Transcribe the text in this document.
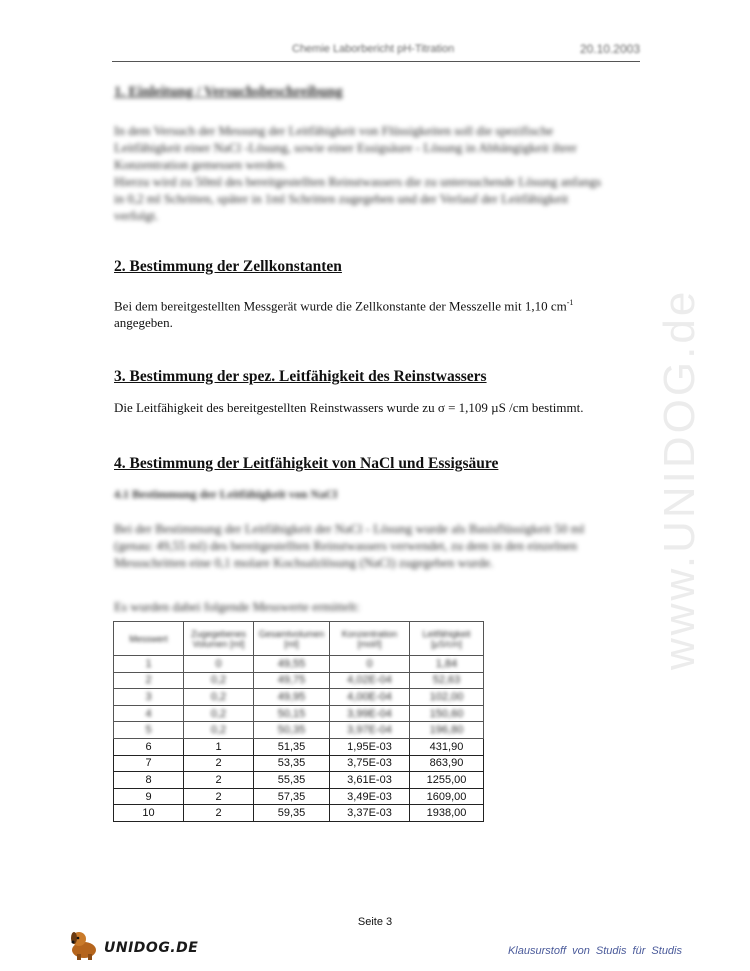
Chemie Laborbericht pH-Titration	20.10.2003
1. Einleitung / Versuchsbeschreibung

In dem Versuch der Messung der Leitfähigkeit von Flüssigkeiten soll die spezifische Leitfähigkeit einer NaCl -Lösung, sowie einer Essigsäure - Lösung in Abhängigkeit ihrer Konzentration gemessen werden.

Hierzu wird zu 50ml des bereitgestellten Reinstwassers die zu untersuchende Lösung anfangs in 0,2 ml Schritten, später in 1ml Schritten zugegeben und der Verlauf der Leitfähigkeit verfolgt.

2. Bestimmung der Zellkonstanten

Bei dem bereitgestellten Messgerät wurde die Zellkonstante der Messzelle mit 1,10 $cm^{-1}$
angegeben.

3. Bestimmung der spez. Leitfähigkeit des Reinstwassers

Die Leitfähigkeit des bereitgestellten Reinstwassers wurde zu σ = 1,109 µS /cm bestimmt.

4. Bestimmung der Leitfähigkeit von NaCl und Essigsäure
4.1 Bestimmung der Leitfähigkeit von NaCl

Bei der Bestimmung der Leitfähigkeit der NaCl - Lösung wurde als Basisflüssigkeit 50 ml (genau: 49,55 ml) des bereitgestellten Reinstwassers verwendet, zu dem in den einzelnen Messschritten eine 0,1 molare Kochsalzlösung (NaCl) zugegeben wurde.

Es wurden dabei folgende Messwerte ermittelt:

Messwert	Zugegebenes Volumen [ml]	Gesamtvolumen [ml]	Konzentration [mol/l]	Leitfähigkeit [µS/cm]
1	0	49,55	0	1,84
2	0,2	49,75	4,02E-04	52,63
3	0,2	49,95	4,00E-04	102,00
4	0,2	50,15	3,99E-04	150,60
5	0,2	50,35	3,97E-04	196,80
6	1	51,35	1,95E-03	431,90
7	2	53,35	3,75E-03	863,90
8	2	55,35	3,61E-03	1255,00
9	2	57,35	3,49E-03	1609,00
10	2	59,35	3,37E-03	1938,00
www.UNIDOG.de
Seite 3
UNIDOG.DE	Klausurstoff von Studis für Studis
